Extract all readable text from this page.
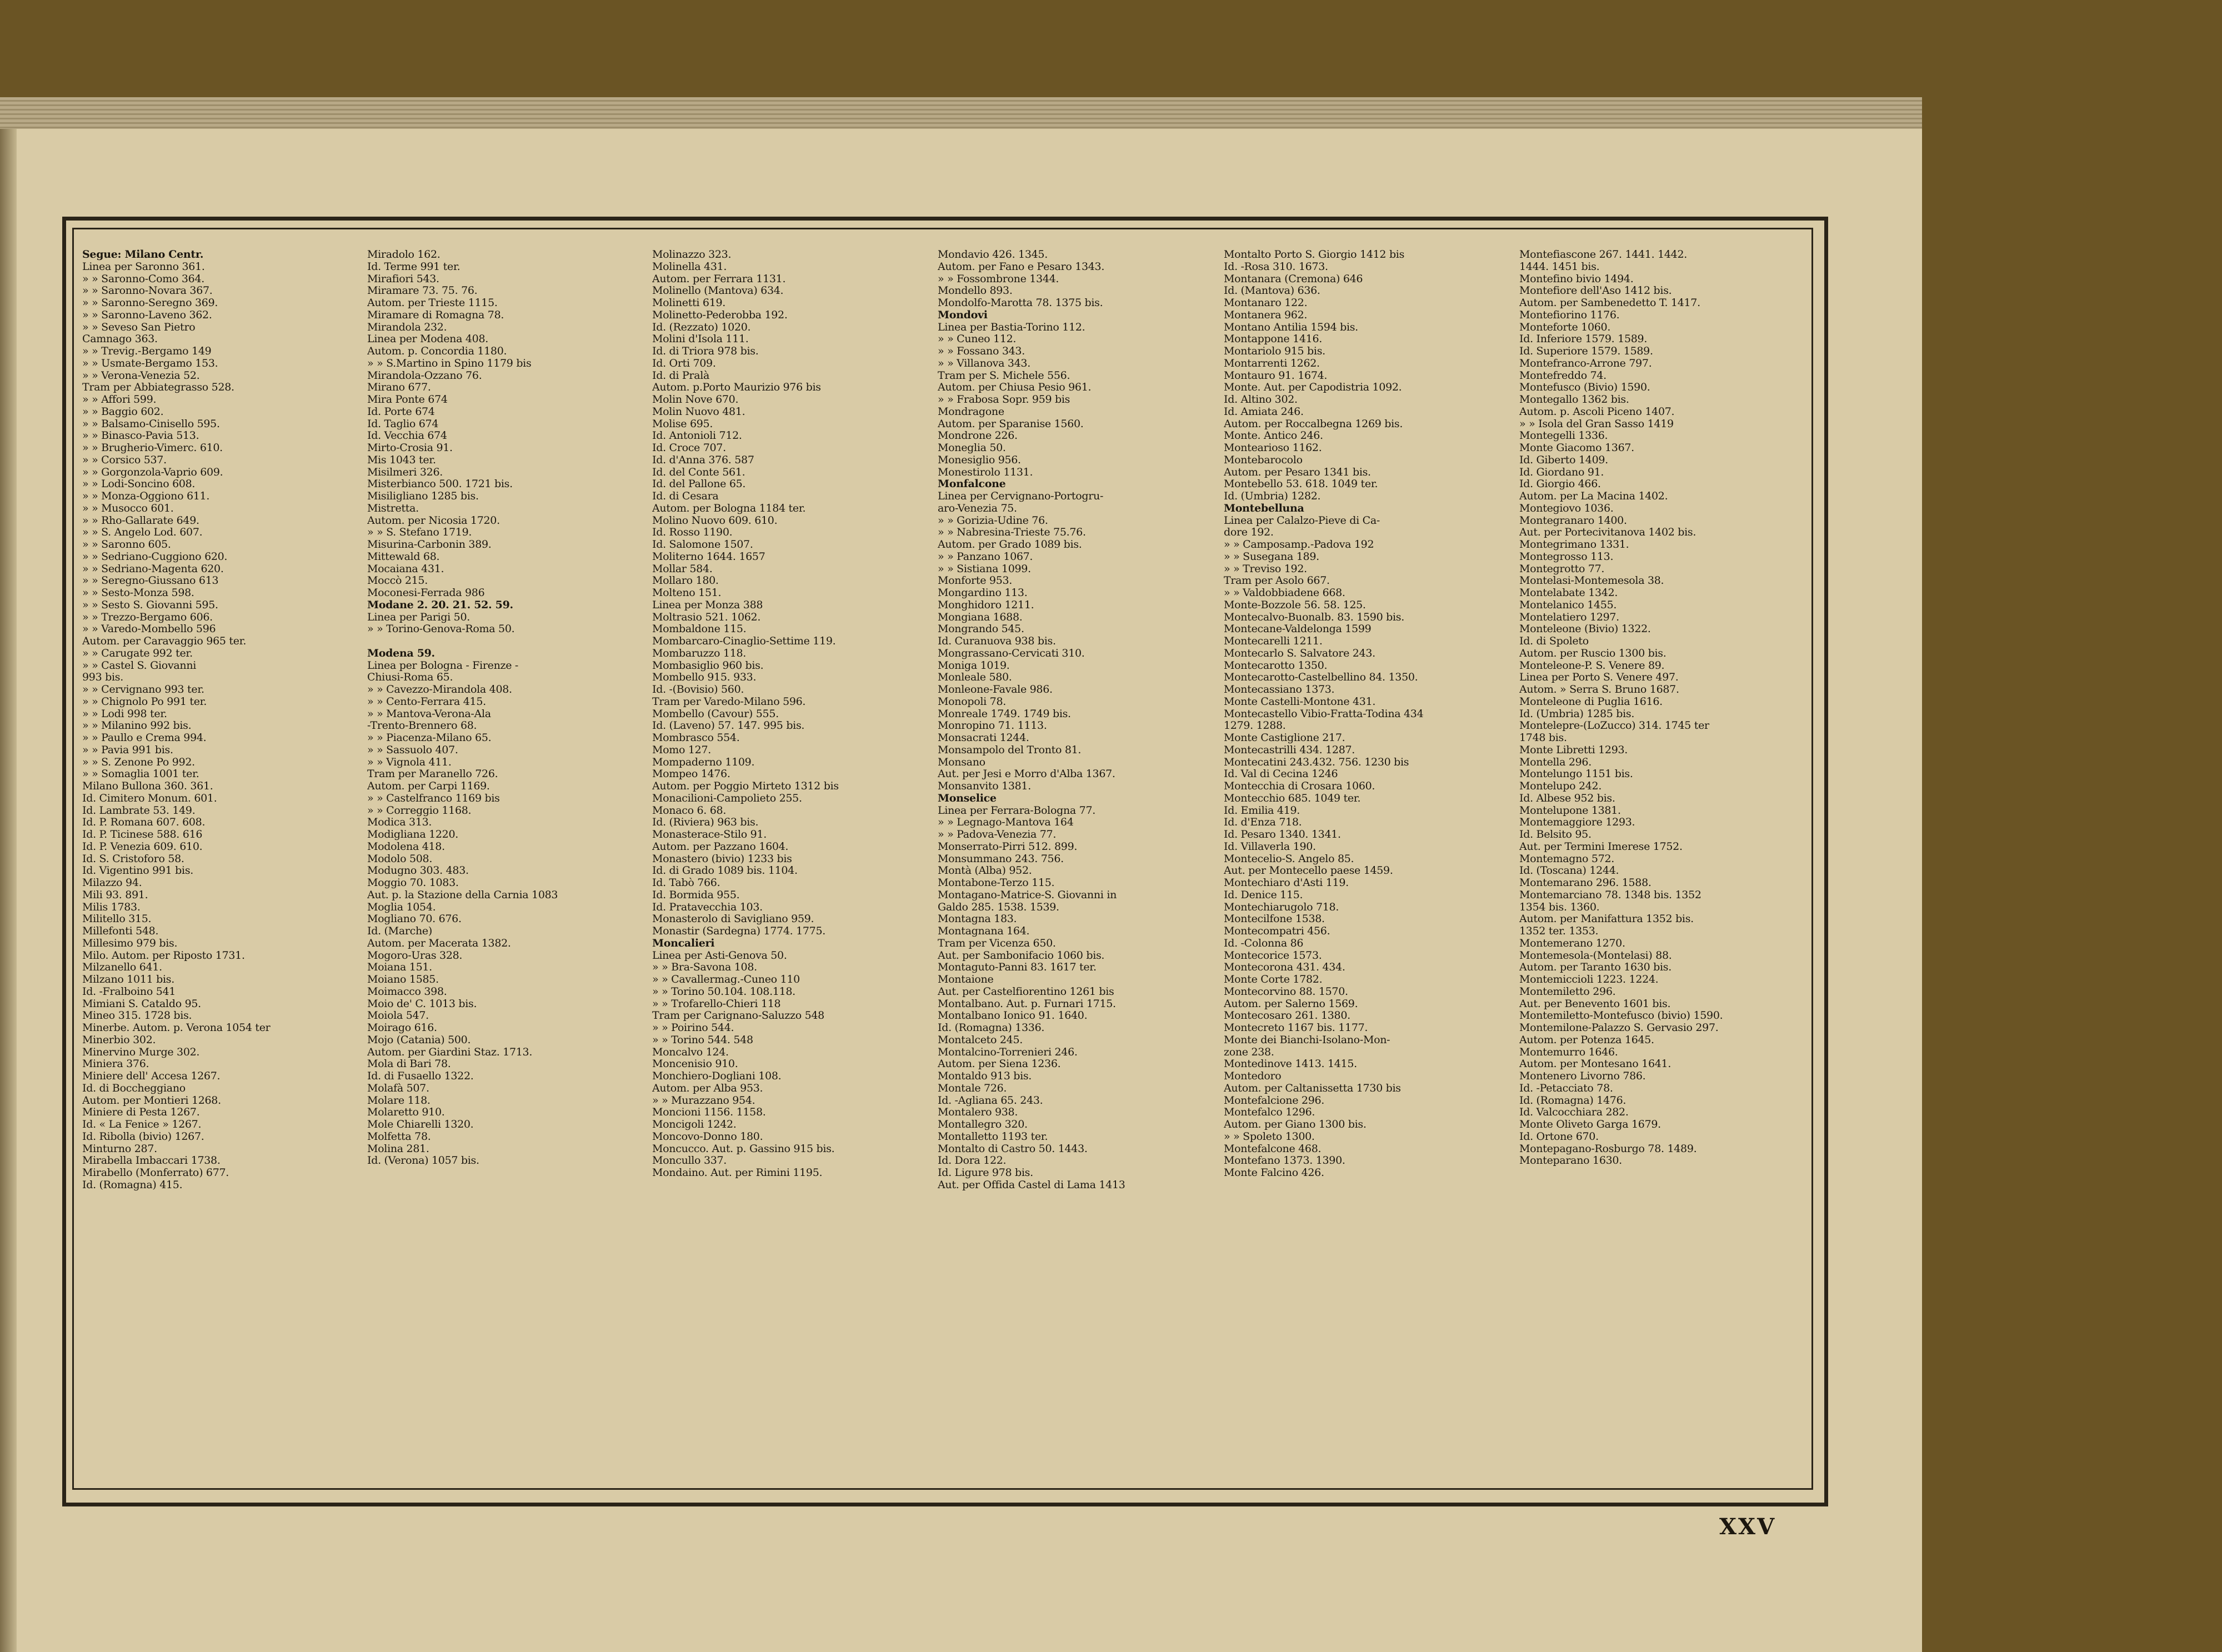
Segue: Milano Centr.
Linea per Saronno 361.
» » Saronno-Como 364.
» » Saronno-Novara 367.
» » Saronno-Seregno 369.
» » Saronno-Laveno 362.
» » Seveso San Pietro
Camnago 363.
» » Trevig.-Bergamo 149
» » Usmate-Bergamo 153.
» » Verona-Venezia 52.
Tram per Abbiategrasso 528.
» » Affori 599.
» » Baggio 602.
» » Balsamo-Cinisello 595.
» » Binasco-Pavia 513.
» » Brugherio-Vimerc. 610.
» » Corsico 537.
» » Gorgonzola-Vaprio 609.
» » Lodi-Soncino 608.
» » Monza-Oggiono 611.
» » Musocco 601.
» » Rho-Gallarate 649.
» » S. Angelo Lod. 607.
» » Saronno 605.
» » Sedriano-Cuggiono 620.
» » Sedriano-Magenta 620.
» » Seregno-Giussano 613
» » Sesto-Monza 598.
» » Sesto S. Giovanni 595.
» » Trezzo-Bergamo 606.
» » Varedo-Mombello 596
Autom. per Caravaggio 965 ter.
» » Carugate 992 ter.
» » Castel S. Giovanni
993 bis.
» » Cervignano 993 ter.
» » Chignolo Po 991 ter.
» » Lodi 998 ter.
» » Milanino 992 bis.
» » Paullo e Crema 994.
» » Pavia 991 bis.
» » S. Zenone Po 992.
» » Somaglia 1001 ter.
Milano Bullona 360. 361.
Id. Cimitero Monum. 601.
Id. Lambrate 53. 149.
Id. P. Romana 607. 608.
Id. P. Ticinese 588. 616
Id. P. Venezia 609. 610.
Id. S. Cristoforo 58.
Id. Vigentino 991 bis.
Milazzo 94.
Mili 93. 891.
Milis 1783.
Militello 315.
Millefonti 548.
Millesimo 979 bis.
Milo. Autom. per Riposto 1731.
Milzanello 641.
Milzano 1011 bis.
Id. -Fralboino 541
Mimiani S. Cataldo 95.
Mineo 315. 1728 bis.
Minerbe. Autom. p. Verona 1054 ter
Minerbio 302.
Minervino Murge 302.
Miniera 376.
Miniere dell' Accesa 1267.
Id. di Boccheggiano
Autom. per Montieri 1268.
Miniere di Pesta 1267.
Id. « La Fenice » 1267.
Id. Ribolla (bivio) 1267.
Minturno 287.
Mirabella Imbaccari 1738.
Mirabello (Monferrato) 677.
Id. (Romagna) 415.
Miradolo 162.
Id. Terme 991 ter.
Mirafiori 543.
Miramare 73. 75. 76.
Autom. per Trieste 1115.
Miramare di Romagna 78.
Mirandola 232.
Linea per Modena 408.
Autom. p. Concordia 1180.
» » S.Martino in Spino 1179 bis
Mirandola-Ozzano 76.
Mirano 677.
Mira Ponte 674
Id. Porte 674
Id. Taglio 674
Id. Vecchia 674
Mirto-Crosia 91.
Mis 1043 ter.
Misilmeri 326.
Misterbianco 500. 1721 bis.
Misiligliano 1285 bis.
Mistretta.
Autom. per Nicosia 1720.
» » S. Stefano 1719.
Misurina-Carbonin 389.
Mittewald 68.
Mocaiana 431.
Moccò 215.
Moconesi-Ferrada 986
Modane 2. 20. 21. 52. 59.
Linea per Parigi 50.
» » Torino-Genova-Roma 50.
Modena 59.
Linea per Bologna - Firenze -
Chiusi-Roma 65.
» » Cavezzo-Mirandola 408.
» » Cento-Ferrara 415.
» » Mantova-Verona-Ala
-Trento-Brennero 68.
» » Piacenza-Milano 65.
» » Sassuolo 407.
» » Vignola 411.
Tram per Maranello 726.
Autom. per Carpi 1169.
» » Castelfranco 1169 bis
» » Correggio 1168.
Modica 313.
Modigliana 1220.
Modolena 418.
Modolo 508.
Modugno 303. 483.
Moggio 70. 1083.
Aut. p. la Stazione della Carnia 1083
Moglia 1054.
Mogliano 70. 676.
Id. (Marche)
Autom. per Macerata 1382.
Mogoro-Uras 328.
Moiana 151.
Moiano 1585.
Moimacco 398.
Moio de' C. 1013 bis.
Moiola 547.
Moirago 616.
Mojo (Catania) 500.
Autom. per Giardini Staz. 1713.
Mola di Bari 78.
Id. di Fusaello 1322.
Molafà 507.
Molare 118.
Molaretto 910.
Mole Chiarelli 1320.
Molfetta 78.
Molina 281.
Id. (Verona) 1057 bis.
Molinazzo 323.
Molinella 431.
Autom. per Ferrara 1131.
Molinello (Mantova) 634.
Molinetti 619.
Molinetto-Pederobba 192.
Id. (Rezzato) 1020.
Molini d'Isola 111.
Id. di Triora 978 bis.
Id. Orti 709.
Id. di Pralà
Autom. p.Porto Maurizio 976 bis
Molin Nove 670.
Molin Nuovo 481.
Molise 695.
Id. Antonioli 712.
Id. Croce 707.
Id. d'Anna 376. 587
Id. del Conte 561.
Id. del Pallone 65.
Id. di Cesara
Autom. per Bologna 1184 ter.
Molino Nuovo 609. 610.
Id. Rosso 1190.
Id. Salomone 1507.
Moliterno 1644. 1657
Mollar 584.
Mollaro 180.
Molteno 151.
Linea per Monza 388
Moltrasio 521. 1062.
Mombaldone 115.
Mombarcaro-Cinaglio-Settime 119.
Mombaruzzo 118.
Mombasiglio 960 bis.
Mombello 915. 933.
Id. -(Bovisio) 560.
Tram per Varedo-Milano 596.
Mombello (Cavour) 555.
Id. (Laveno) 57. 147. 995 bis.
Mombrasco 554.
Momo 127.
Mompaderno 1109.
Mompeo 1476.
Autom. per Poggio Mirteto 1312 bis
Monacilioni-Campolieto 255.
Monaco 6. 68.
Id. (Riviera) 963 bis.
Monasterace-Stilo 91.
Autom. per Pazzano 1604.
Monastero (bivio) 1233 bis
Id. di Grado 1089 bis. 1104.
Id. Tabò 766.
Id. Bormida 955.
Id. Pratavecchia 103.
Monasterolo di Savigliano 959.
Monastir (Sardegna) 1774. 1775.
Moncalieri
Linea per Asti-Genova 50.
» » Bra-Savona 108.
» » Cavallermag.-Cuneo 110
» » Torino 50.104. 108.118.
» » Trofarello-Chieri 118
Tram per Carignano-Saluzzo 548
» » Poirino 544.
» » Torino 544. 548
Moncalvo 124.
Moncenisio 910.
Monchiero-Dogliani 108.
Autom. per Alba 953.
» » Murazzano 954.
Moncioni 1156. 1158.
Moncigoli 1242.
Moncovo-Donno 180.
Moncucco. Aut. p. Gassino 915 bis.
Moncullo 337.
Mondaino. Aut. per Rimini 1195.
Mondavio 426. 1345.
Autom. per Fano e Pesaro 1343.
» » Fossombrone 1344.
Mondello 893.
Mondolfo-Marotta 78. 1375 bis.
Mondovi
Linea per Bastia-Torino 112.
» » Cuneo 112.
» » Fossano 343.
» » Villanova 343.
Tram per S. Michele 556.
Autom. per Chiusa Pesio 961.
» » Frabosa Sopr. 959 bis
Mondragone
Autom. per Sparanise 1560.
Mondrone 226.
Moneglia 50.
Monesiglio 956.
Monestirolo 1131.
Monfalcone
Linea per Cervignano-Portogru-
aro-Venezia 75.
» » Gorizia-Udine 76.
» » Nabresina-Trieste 75.76.
Autom. per Grado 1089 bis.
» » Panzano 1067.
» » Sistiana 1099.
Monforte 953.
Mongardino 113.
Monghidoro 1211.
Mongiana 1688.
Mongrando 545.
Id. Curanuova 938 bis.
Mongrassano-Cervicati 310.
Moniga 1019.
Monleale 580.
Monleone-Favale 986.
Monopoli 78.
Monreale 1749. 1749 bis.
Monropino 71. 1113.
Monsacrati 1244.
Monsampolo del Tronto 81.
Monsano
Aut. per Jesi e Morro d'Alba 1367.
Monsanvito 1381.
Monselice
Linea per Ferrara-Bologna 77.
» » Legnago-Mantova 164
» » Padova-Venezia 77.
Monserrato-Pirri 512. 899.
Monsummano 243. 756.
Montà (Alba) 952.
Montabone-Terzo 115.
Montagano-Matrice-S. Giovanni in
Galdo 285. 1538. 1539.
Montagna 183.
Montagnana 164.
Tram per Vicenza 650.
Aut. per Sambonifacio 1060 bis.
Montaguto-Panni 83. 1617 ter.
Montaione
Aut. per Castelfiorentino 1261 bis
Montalbano. Aut. p. Furnari 1715.
Montalbano Ionico 91. 1640.
Id. (Romagna) 1336.
Montalceto 245.
Montalcino-Torrenieri 246.
Autom. per Siena 1236.
Montaldo 913 bis.
Montale 726.
Id. -Agliana 65. 243.
Montalero 938.
Montallegro 320.
Montalletto 1193 ter.
Montalto di Castro 50. 1443.
Id. Dora 122.
Id. Ligure 978 bis.
Aut. per Offida Castel di Lama 1413
Montalto Porto S. Giorgio 1412 bis
Id. -Rosa 310. 1673.
Montanara (Cremona) 646
Id. (Mantova) 636.
Montanaro 122.
Montanera 962.
Montano Antilia 1594 bis.
Montappone 1416.
Montariolo 915 bis.
Montarrenti 1262.
Montauro 91. 1674.
Monte. Aut. per Capodistria 1092.
Id. Altino 302.
Id. Amiata 246.
Autom. per Roccalbegna 1269 bis.
Monte. Antico 246.
Montearioso 1162.
Montebarocolo
Autom. per Pesaro 1341 bis.
Montebello 53. 618. 1049 ter.
Id. (Umbria) 1282.
Montebelluna
Linea per Calalzo-Pieve di Ca-
dore 192.
» » Camposamp.-Padova 192
» » Susegana 189.
» » Treviso 192.
Tram per Asolo 667.
» » Valdobbiadene 668.
Monte-Bozzole 56. 58. 125.
Montecalvo-Buonalb. 83. 1590 bis.
Montecane-Valdelonga 1599
Montecarelli 1211.
Montecarlo S. Salvatore 243.
Montecarotto 1350.
Montecarotto-Castelbellino 84. 1350.
Montecassiano 1373.
Monte Castelli-Montone 431.
Montecastello Vibio-Fratta-Todina 434
1279. 1288.
Monte Castiglione 217.
Montecastrilli 434. 1287.
Montecatini 243.432. 756. 1230 bis
Id. Val di Cecina 1246
Montecchia di Crosara 1060.
Montecchio 685. 1049 ter.
Id. Emilia 419.
Id. d'Enza 718.
Id. Pesaro 1340. 1341.
Id. Villaverla 190.
Montecelio-S. Angelo 85.
Aut. per Montecello paese 1459.
Montechiaro d'Asti 119.
Id. Denice 115.
Montechiarugolo 718.
Montecilfone 1538.
Montecompatri 456.
Id. -Colonna 86
Montecorice 1573.
Montecorona 431. 434.
Monte Corte 1782.
Montecorvino 88. 1570.
Autom. per Salerno 1569.
Montecosaro 261. 1380.
Montecreto 1167 bis. 1177.
Monte dei Bianchi-Isolano-Mon-
zone 238.
Montedinove 1413. 1415.
Montedoro
Autom. per Caltanissetta 1730 bis
Montefalcione 296.
Montefalco 1296.
Autom. per Giano 1300 bis.
» » Spoleto 1300.
Montefalcone 468.
Montefano 1373. 1390.
Monte Falcino 426.
Montefiascone 267. 1441. 1442.
1444. 1451 bis.
Montefino bivio 1494.
Montefiore dell'Aso 1412 bis.
Autom. per Sambenedetto T. 1417.
Montefiorino 1176.
Monteforte 1060.
Id. Inferiore 1579. 1589.
Id. Superiore 1579. 1589.
Montefranco-Arrone 797.
Montefreddo 74.
Montefusco (Bivio) 1590.
Montegallo 1362 bis.
Autom. p. Ascoli Piceno 1407.
» » Isola del Gran Sasso 1419
Montegelli 1336.
Monte Giacomo 1367.
Id. Giberto 1409.
Id. Giordano 91.
Id. Giorgio 466.
Autom. per La Macina 1402.
Montegiovo 1036.
Montegranaro 1400.
Aut. per Portecivitanova 1402 bis.
Montegrimano 1331.
Montegrosso 113.
Montegrotto 77.
Montelasi-Montemesola 38.
Montelabate 1342.
Montelanico 1455.
Montelatiero 1297.
Monteleone (Bivio) 1322.
Id. di Spoleto
Autom. per Ruscio 1300 bis.
Monteleone-P. S. Venere 89.
Linea per Porto S. Venere 497.
Autom. » Serra S. Bruno 1687.
Monteleone di Puglia 1616.
Id. (Umbria) 1285 bis.
Montelepre-(LoZucco) 314. 1745 ter
1748 bis.
Monte Libretti 1293.
Montella 296.
Montelungo 1151 bis.
Montelupo 242.
Id. Albese 952 bis.
Montelupone 1381.
Montemaggiore 1293.
Id. Belsito 95.
Aut. per Termini Imerese 1752.
Montemagno 572.
Id. (Toscana) 1244.
Montemarano 296. 1588.
Montemarciano 78. 1348 bis. 1352
1354 bis. 1360.
Autom. per Manifattura 1352 bis.
1352 ter. 1353.
Montemerano 1270.
Montemesola-(Montelasi) 88.
Autom. per Taranto 1630 bis.
Montemiccioli 1223. 1224.
Montemiletto 296.
Aut. per Benevento 1601 bis.
Montemiletto-Montefusco (bivio) 1590.
Montemilone-Palazzo S. Gervasio 297.
Autom. per Potenza 1645.
Montemurro 1646.
Autom. per Montesano 1641.
Montenero Livorno 786.
Id. -Petacciato 78.
Id. (Romagna) 1476.
Id. Valcocchiara 282.
Monte Oliveto Garga 1679.
Id. Ortone 670.
Montepagano-Rosburgo 78. 1489.
Monteparano 1630.
XXV
